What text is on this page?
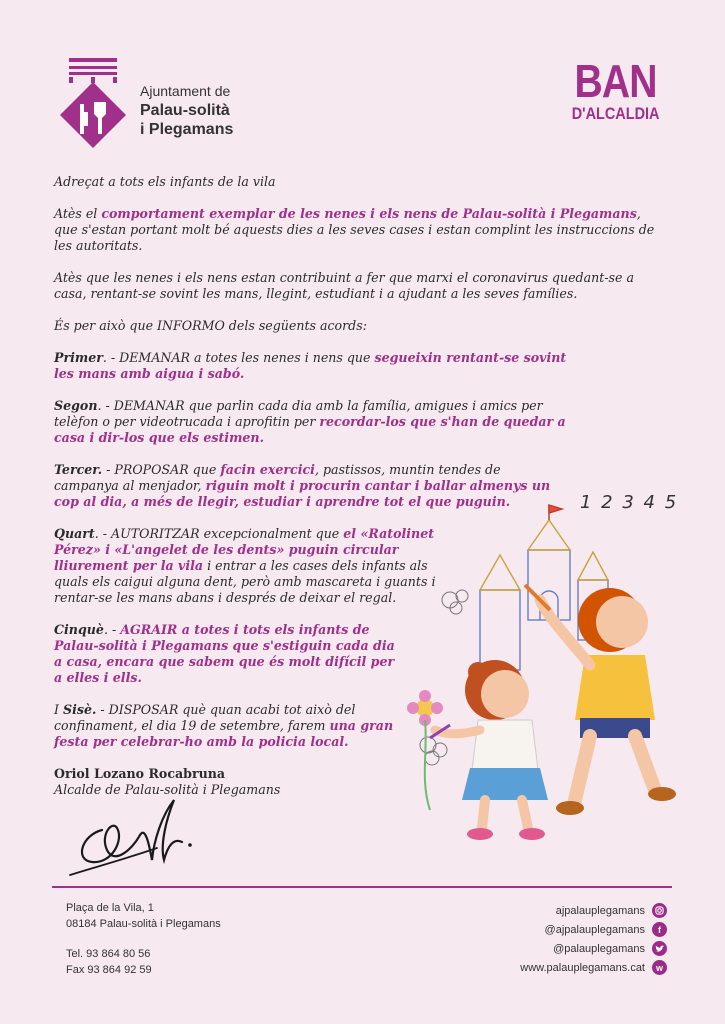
Ajuntament de
Palau-solità
i Plegamans
BAN
D'ALCALDIA

Adreçat a tots els infants de la vila

Atès el comportament exemplar de les nenes i els nens de Palau-solità i Plegamans, que s'estan portant molt bé aquests dies a les seves cases i estan complint les instruccions de les autoritats.

Atès que les nenes i els nens estan contribuint a fer que marxi el coronavirus quedant-se a casa, rentant-se sovint les mans, llegint, estudiant i a ajudant a les seves famílies.

És per això que INFORMO dels següents acords:

Primer. - DEMANAR a totes les nenes i nens que segueixin rentant-se sovint les mans amb aigua i sabó.

Segon. - DEMANAR que parlin cada dia amb la família, amigues i amics per telèfon o per videotrucada i aprofitin per recordar-los que s'han de quedar a casa i dir-los que els estimen.

Tercer. - PROPOSAR que facin exercici, pastissos, muntin tendes de campanya al menjador, riguin molt i procurin cantar i ballar almenys un cop al dia, a més de llegir, estudiar i aprendre tot el que puguin.

Quart. - AUTORITZAR excepcionalment que el «Ratolinet Pérez» i «L'angelet de les dents» puguin circular lliurement per la vila i entrar a les cases dels infants als quals els caigui alguna dent, però amb mascareta i guants i rentar-se les mans abans i després de deixar el regal.

Cinquè. - AGRAIR a totes i tots els infants de Palau-solità i Plegamans que s'estiguin cada dia a casa, encara que sabem que és molt difícil per a elles i ells.

I Sisè. - DISPOSAR què quan acabi tot això del confinament, el dia 19 de setembre, farem una gran festa per celebrar-ho amb la policia local.

Oriol Lozano Rocabruna

Alcalde de Palau-solità i Plegamans

1 2 3 4 5
Plaça de la Vila, 1
08184 Palau-solità i Plegamans
Tel. 93 864 80 56
Fax 93 864 92 59
ajpalauplegamans
@ajpalauplegamans	f
@palauplegamans
www.palauplegamans.cat	w
